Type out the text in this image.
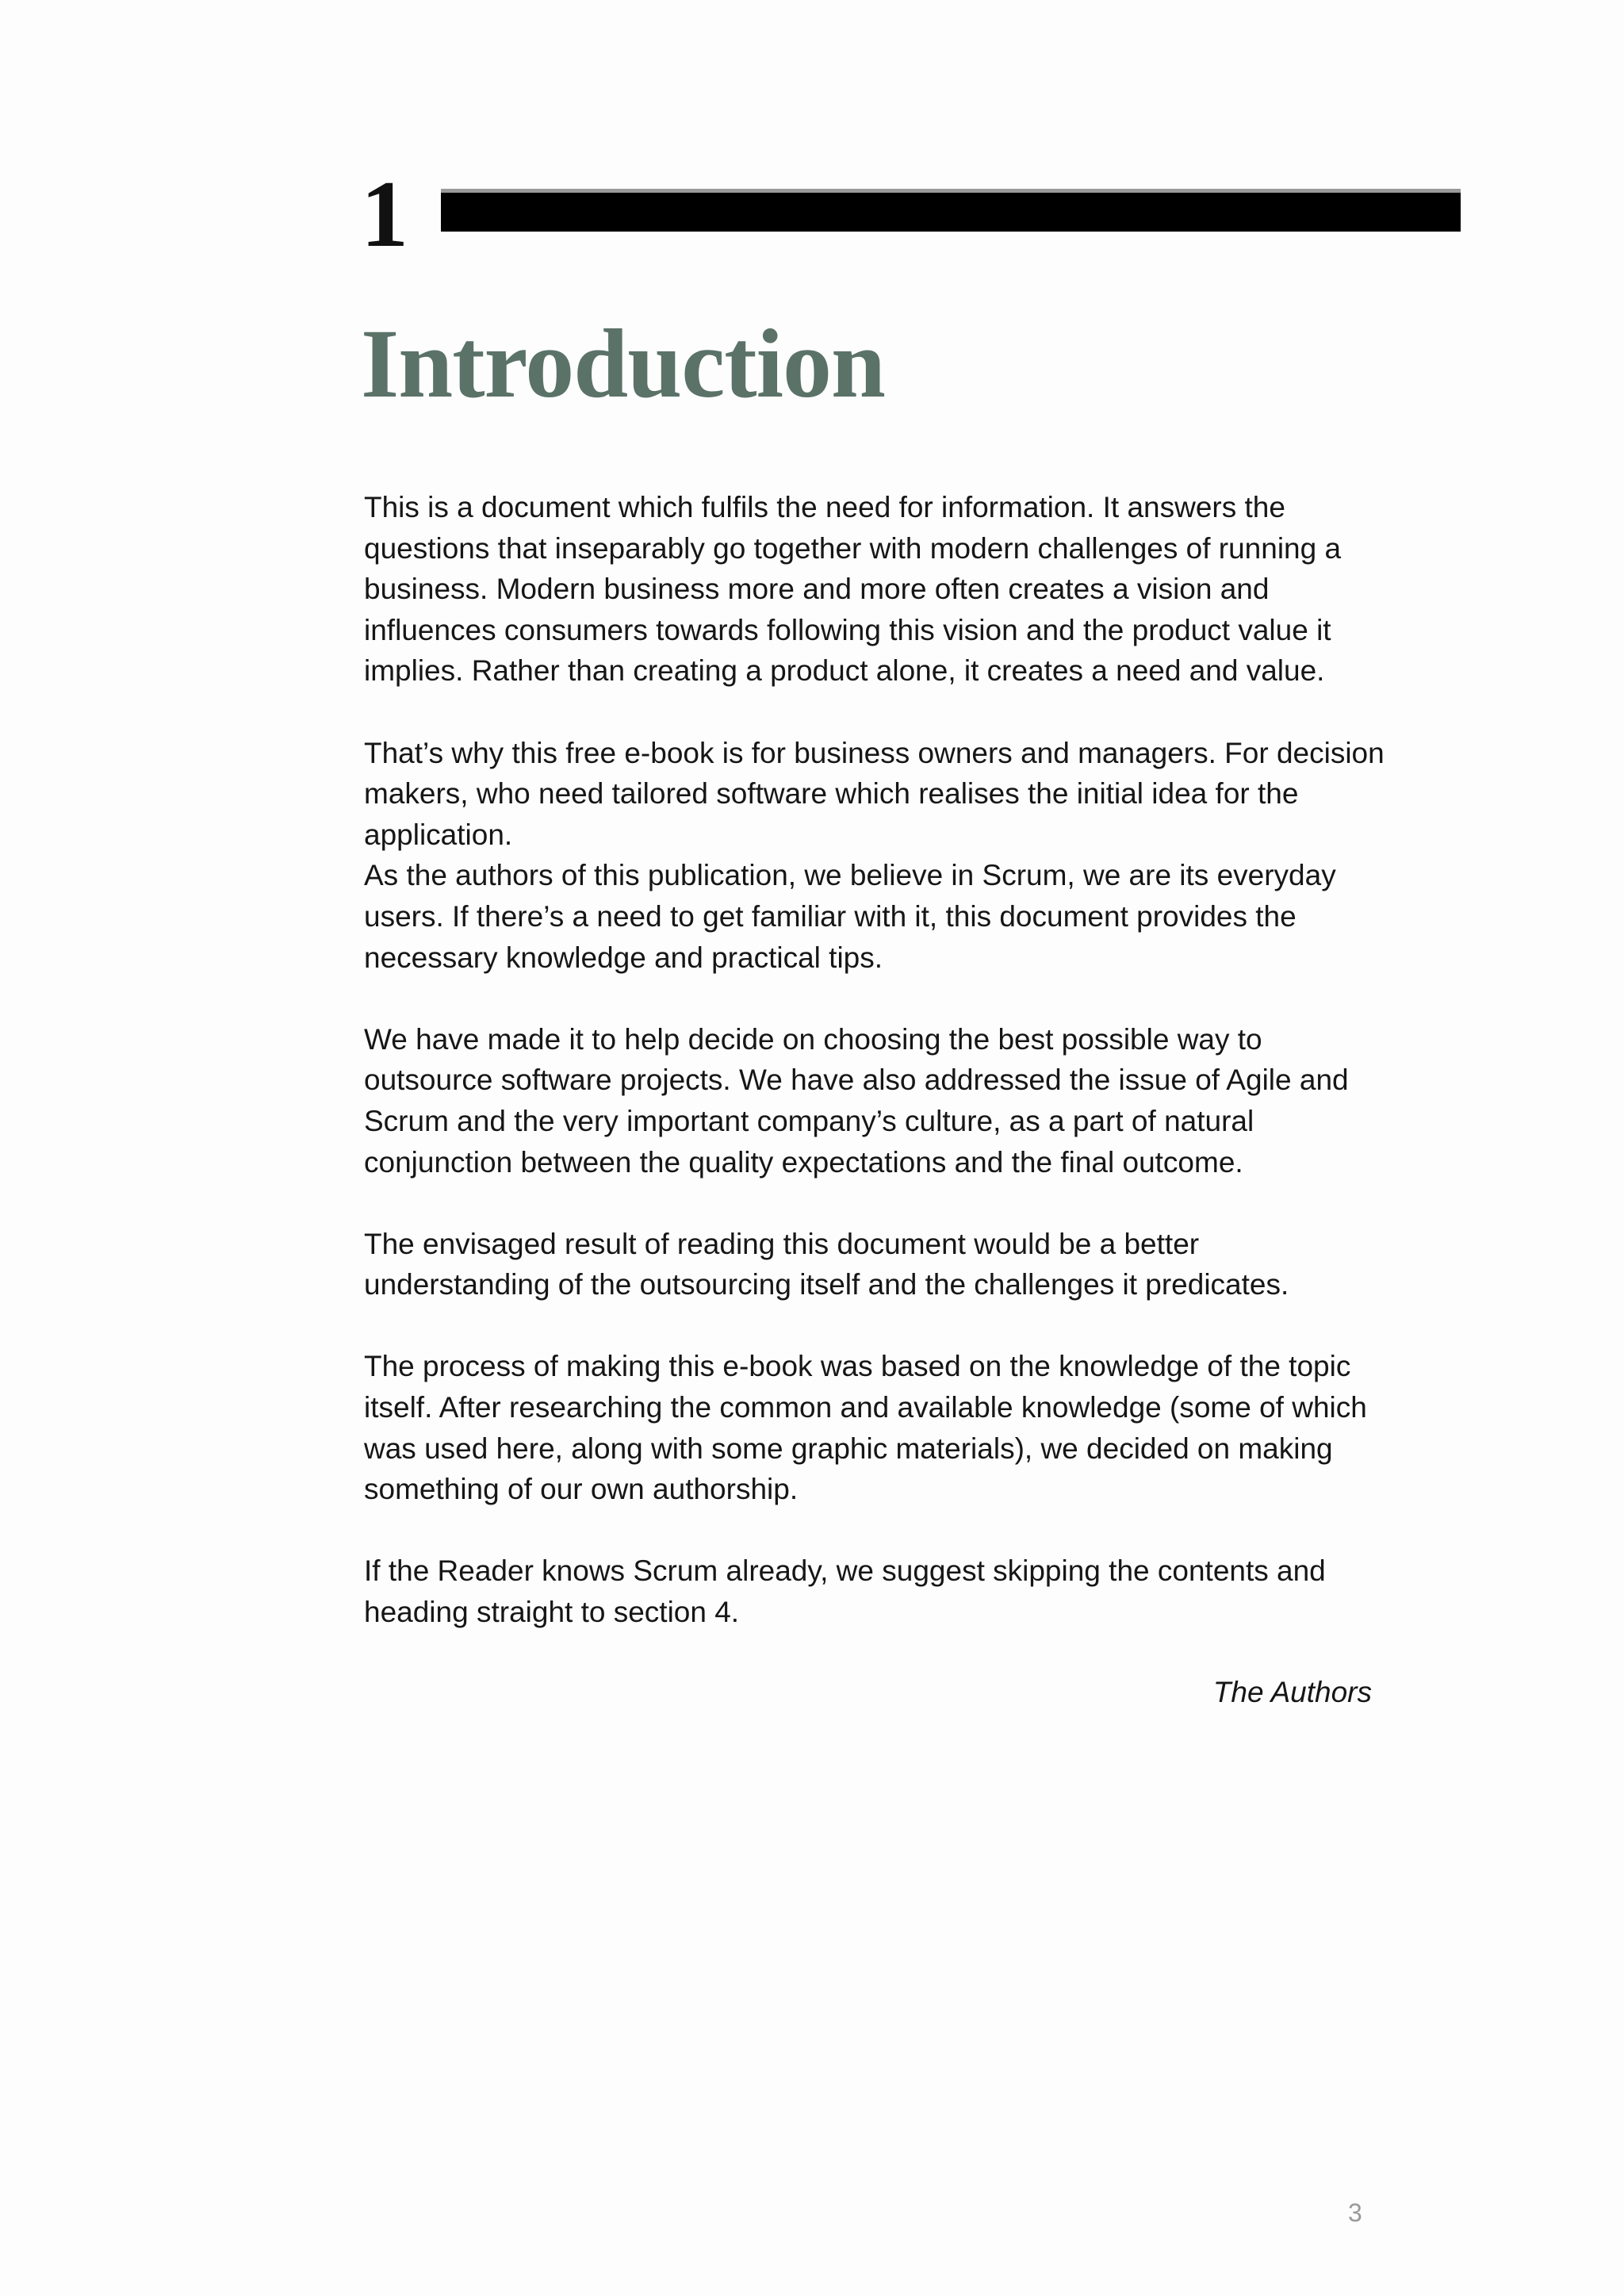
1
Introduction

This is a document which fulfils the need for information. It answers the questions that inseparably go together with modern challenges of running a business. Modern business more and more often creates a vision and influences consumers towards following this vision and the product value it implies. Rather than creating a product alone, it creates a need and value.

That’s why this free e-book is for business owners and managers. For decision makers, who need tailored software which realises the initial idea for the application.

As the authors of this publication, we believe in Scrum, we are its everyday users. If there’s a need to get familiar with it, this document provides the necessary knowledge and practical tips.

We have made it to help decide on choosing the best possible way to outsource software projects. We have also addressed the issue of Agile and Scrum and the very important company’s culture, as a part of natural conjunction between the quality expectations and the final outcome.

The envisaged result of reading this document would be a better understanding of the outsourcing itself and the challenges it predicates.

The process of making this e-book was based on the knowledge of the topic itself. After researching the common and available knowledge (some of which was used here, along with some graphic materials), we decided on making something of our own authorship.

If the Reader knows Scrum already, we suggest skipping the contents and heading straight to section 4.

The Authors
3
